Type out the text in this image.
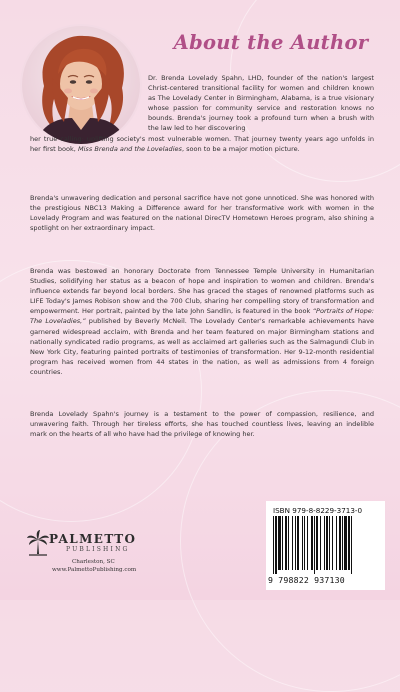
About the Author

Dr. Brenda Lovelady Spahn, LHD, founder of the nation's largest Christ-centered transitional facility for women and children known as The Lovelady Center in Birmingham, Alabama, is a true visionary whose passion for community service and restoration knows no bounds. Brenda's journey took a profound turn when a brush with the law led to her discovering
her true calling: uplifting society's most vulnerable women. That journey twenty years ago unfolds in her first book, Miss Brenda and the Loveladies, soon to be a major motion picture.

Brenda's unwavering dedication and personal sacrifice have not gone unnoticed. She was honored with the prestigious NBC13 Making a Difference award for her transformative work with women in the Lovelady Program and was featured on the national DirecTV Hometown Heroes program, also shining a spotlight on her extraordinary impact.

Brenda was bestowed an honorary Doctorate from Tennessee Temple University in Humanitarian Studies, solidifying her status as a beacon of hope and inspiration to women and children. Brenda's influence extends far beyond local borders. She has graced the stages of renowned platforms such as LIFE Today's James Robison show and the 700 Club, sharing her compelling story of transformation and empowerment. Her portrait, painted by the late John Sandlin, is featured in the book “Portraits of Hope: The Loveladies,” published by Beverly McNeil. The Lovelady Center's remarkable achievements have garnered widespread acclaim, with Brenda and her team featured on major Birmingham stations and nationally syndicated radio programs, as well as acclaimed art galleries such as the Salmagundi Club in New York City, featuring painted portraits of testimonies of transformation. Her 9-12-month residential program has received women from 44 states in the nation, as well as admissions from 4 foreign countries.

Brenda Lovelady Spahn's journey is a testament to the power of compassion, resilience, and unwavering faith. Through her tireless efforts, she has touched countless lives, leaving an indelible mark on the hearts of all who have had the privilege of knowing her.

PALMETTO
PUBLISHING
Charleston, SC
www.PalmettoPublishing.com
ISBN 979-8-8229-3713-0
9 798822 937130
